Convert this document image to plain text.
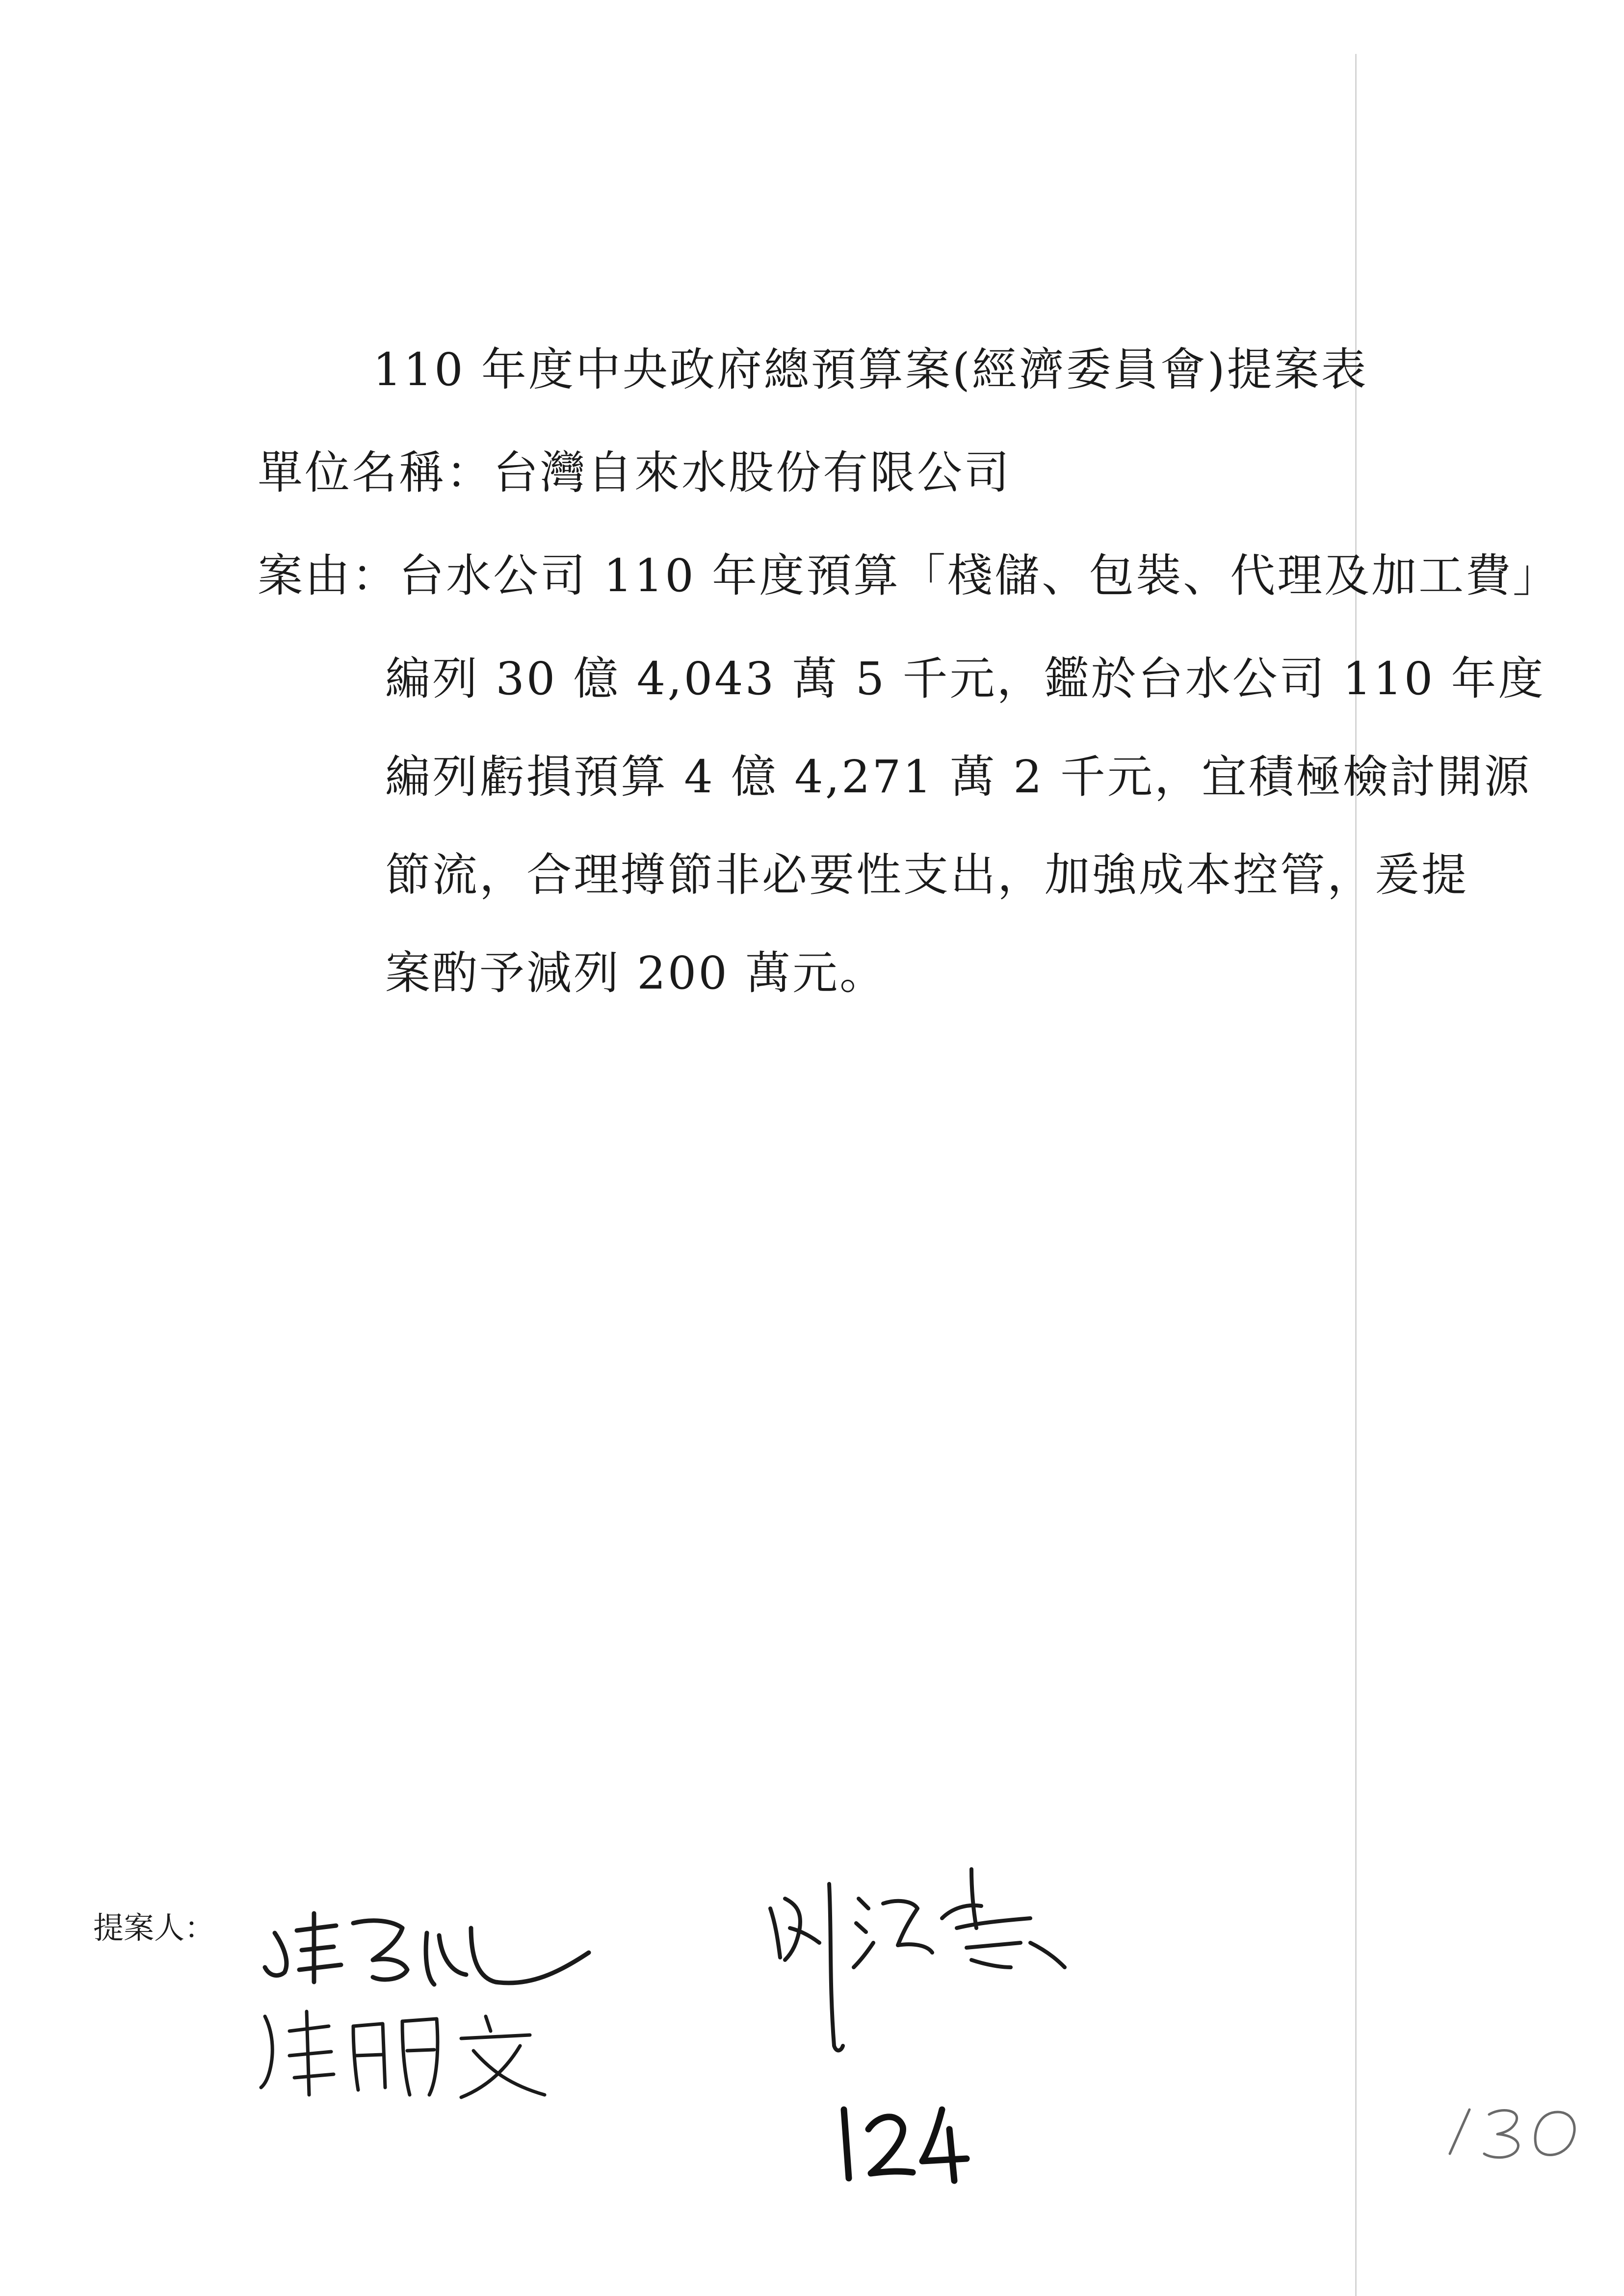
110 年度中央政府總預算案(經濟委員會)提案表
單位名稱：台灣自來水股份有限公司
案由：台水公司 110 年度預算「棧儲、包裝、代理及加工費」
編列 30 億 4,043 萬 5 千元，鑑於台水公司 110 年度
編列虧損預算 4 億 4,271 萬 2 千元，宜積極檢討開源
節流，合理撙節非必要性支出，加強成本控管，爰提
案酌予減列 200 萬元。
提案人：
